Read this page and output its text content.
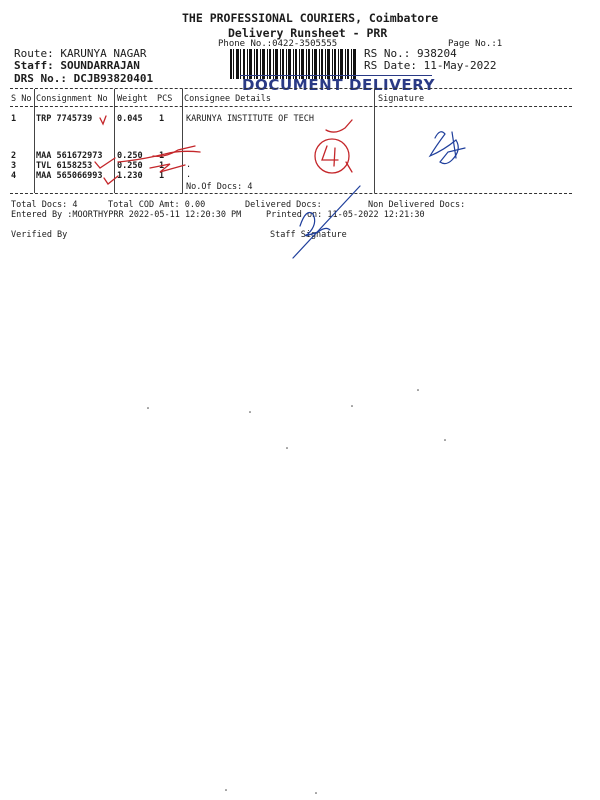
THE PROFESSIONAL COURIERS, Coimbatore
Delivery Runsheet - PRR
Phone No.:0422-3505555	Page No.:1
Route: KARUNYA NAGAR
Staff: SOUNDARRAJAN
DRS No.: DCJB93820401
RS No.: 938204
RS Date: 11-May-2022
DOCUMENT DELIVERY
S No Consignment No Weight PCS Consignee Details	Signature
1 TRP 7745739	0.045 1	KARUNYA INSTITUTE OF TECH
2 MAA 561672973 0.250 1
3 TVL 6158253	0.250 1	.
4 MAA 565066993 1.230 1	.
No.Of Docs: 4
Total Docs: 4	Total COD Amt: 0.00	Delivered Docs:	Non Delivered Docs:
Entered By :MOORTHYPRR 2022-05-11 12:20:30 PM	Printed on: 11-05-2022 12:21:30
Verified By	Staff Signature
